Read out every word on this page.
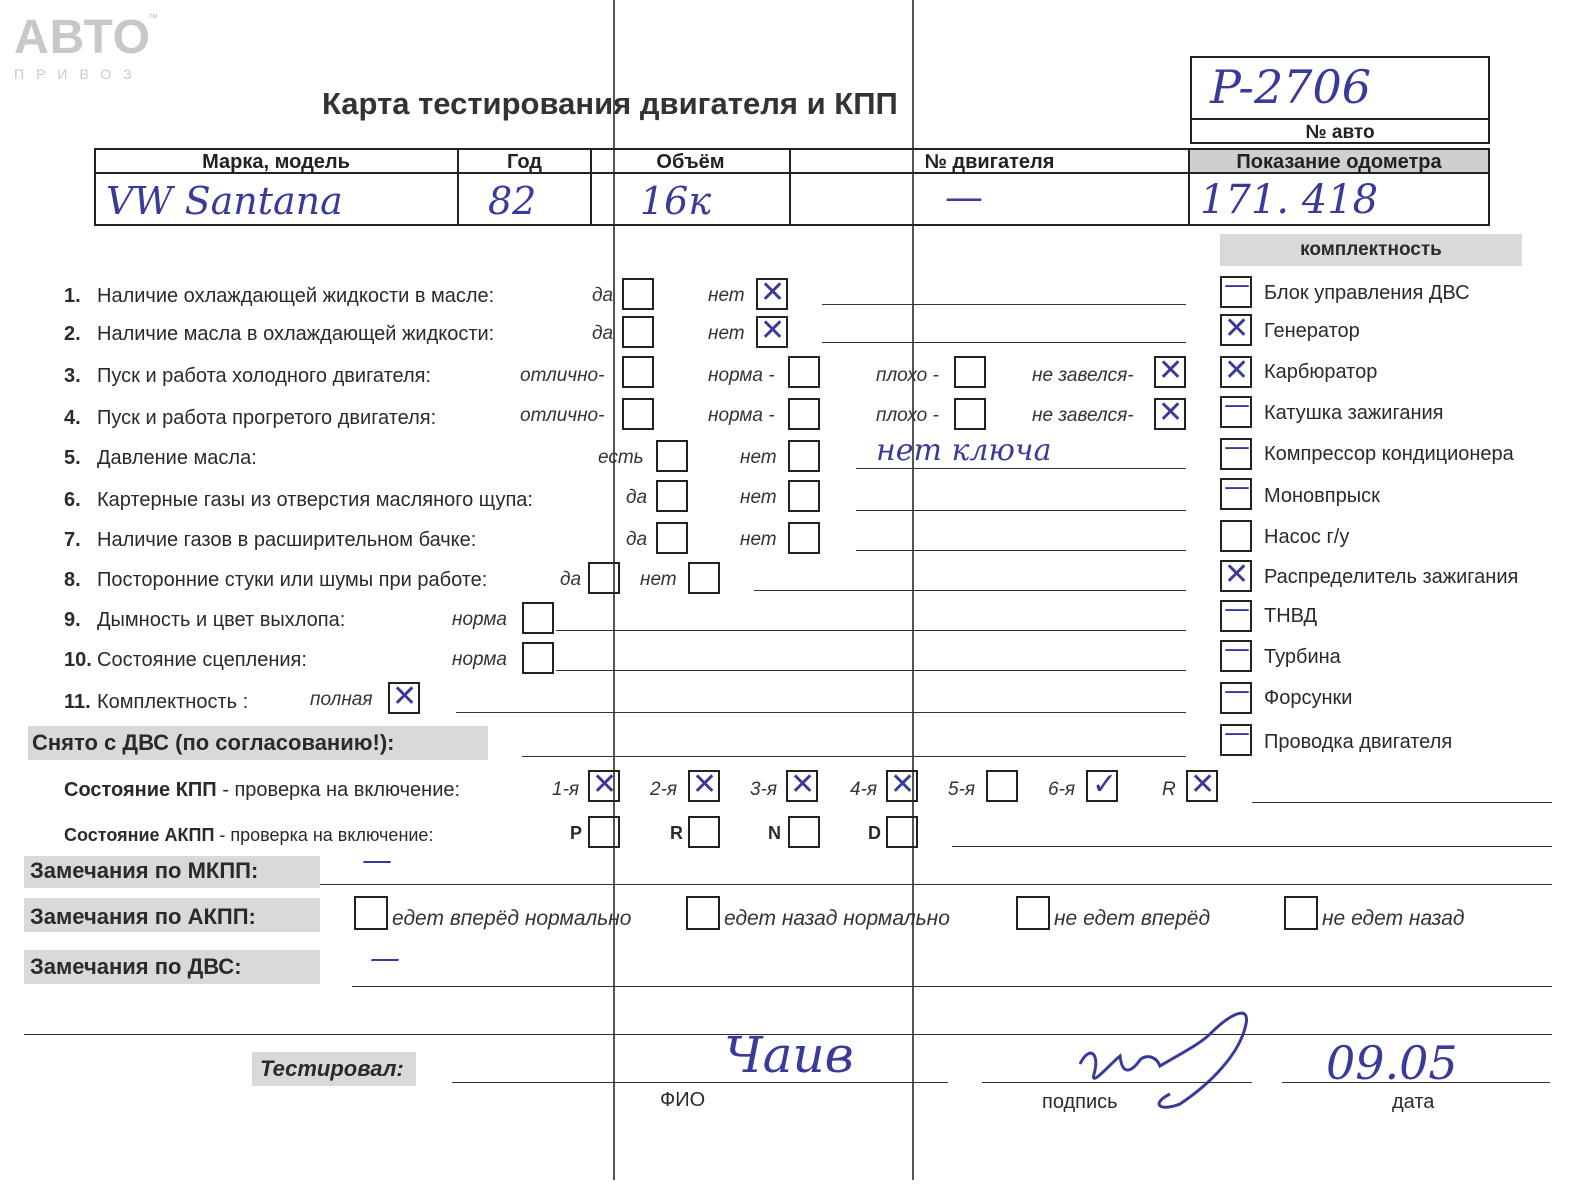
АВТО
ПРИВОЗ
™
Карта тестирования двигателя и КПП	P-2706
№ авто
Марка, модель	Год	Объём	№ двигателя	Показание одометра
VW Santana	82	16к	—	171. 418
комплектность
1. Наличие охлаждающей жидкости в масле:	да	нет ✕
2. Наличие масла в охлаждающей жидкости:	да	нет ✕
3. Пуск и работа холодного двигателя:	отлично-	норма -	плохо -	не завелся- ✕
4. Пуск и работа прогретого двигателя:	отлично-	норма -	плохо -	не завелся- ✕
5. Давление масла:	есть	нет	нет ключа
6. Картерные газы из отверстия масляного щупа:	да	нет
7. Наличие газов в расширительном бачке:	да	нет
8. Посторонние стуки или шумы при работе:	да	нет
9. Дымность и цвет выхлопа:	норма
10. Состояние сцепления:	норма
11. Комплектность :	полная ✕
— Блок управления ДВС
✕ Генератор
✕ Карбюратор
— Катушка зажигания
— Компрессор кондиционера
— Моновпрыск
Насос г/у
✕ Распределитель зажигания
— ТНВД
— Турбина
— Форсунки
— Проводка двигателя
Снято с ДВС (по согласованию!):
Состояние КПП - проверка на включение:	1-я ✕ 2-я ✕ 3-я ✕ 4-я ✕ 5-я	6-я ✓ R ✕
Состояние АКПП - проверка на включение:	P	R	N	D
Замечания по МКПП:	—
Замечания по АКПП:	едет вперёд нормально	едет назад нормально	не едет вперёд	не едет назад
Замечания по ДВС:	—
Тестировал:	Чаив
ФИО	подпись
09.05
дата
